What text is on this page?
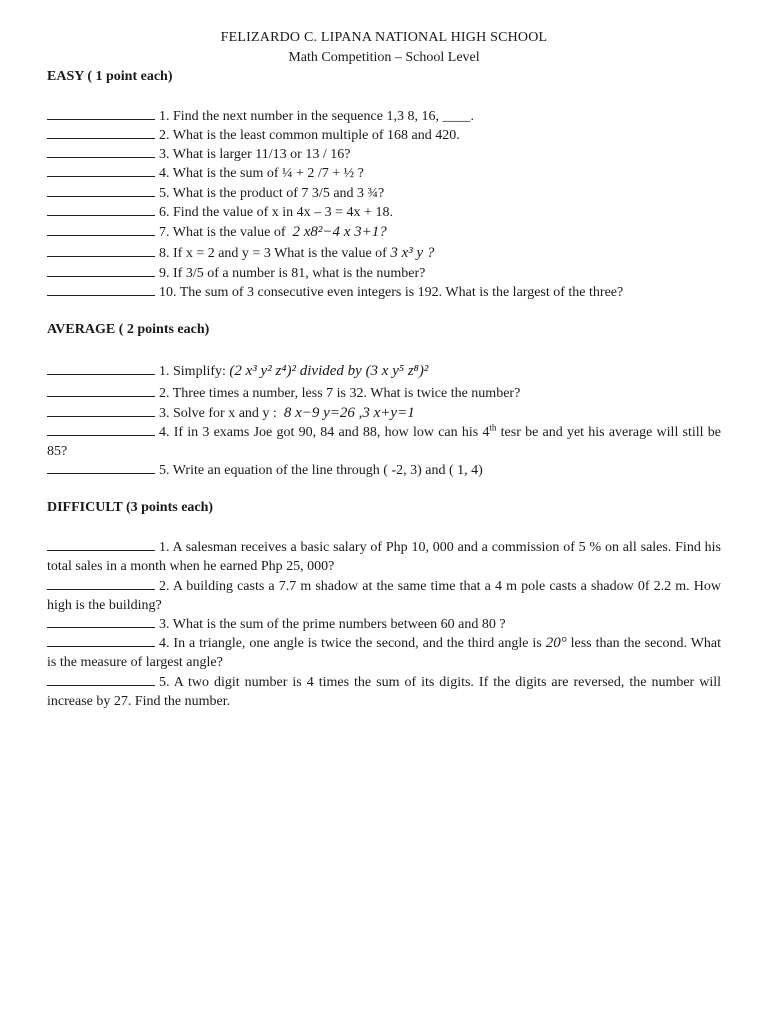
FELIZARDO C. LIPANA NATIONAL HIGH SCHOOL
Math Competition – School Level
EASY ( 1 point each)
1. Find the next number in the sequence 1,3 8, 16, ____.
2. What is the least common multiple of 168 and 420.
3. What is larger 11/13 or 13 / 16?
4. What is the sum of ¼ + 2 /7 + ½ ?
5. What is the product of 7 3/5 and 3 ¾?
6. Find the value of x in 4x – 3 = 4x + 18.
7. What is the value of 2 x8²−4 x 3+1?
8. If x = 2 and y = 3 What is the value of 3 x³ y ?
9. If 3/5 of a number is 81, what is the number?
10. The sum of 3 consecutive even integers is 192. What is the largest of the three?
AVERAGE ( 2 points each)
1. Simplify: (2 x³ y² z⁴)² divided by (3 x y⁵ z⁸)²
2. Three times a number, less 7 is 32. What is twice the number?
3. Solve for x and y : 8 x−9 y=26 ,3 x+y=1
4. If in 3 exams Joe got 90, 84 and 88, how low can his 4th tesr be and yet his average will still be 85?
5. Write an equation of the line through ( -2, 3) and ( 1, 4)
DIFFICULT (3 points each)
1. A salesman receives a basic salary of Php 10, 000 and a commission of 5 % on all sales. Find his total sales in a month when he earned Php 25, 000?
2. A building casts a 7.7 m shadow at the same time that a 4 m pole casts a shadow 0f 2.2 m. How high is the building?
3. What is the sum of the prime numbers between 60 and 80 ?
4. In a triangle, one angle is twice the second, and the third angle is 20° less than the second. What is the measure of largest angle?
5. A two digit number is 4 times the sum of its digits. If the digits are reversed, the number will increase by 27. Find the number.
